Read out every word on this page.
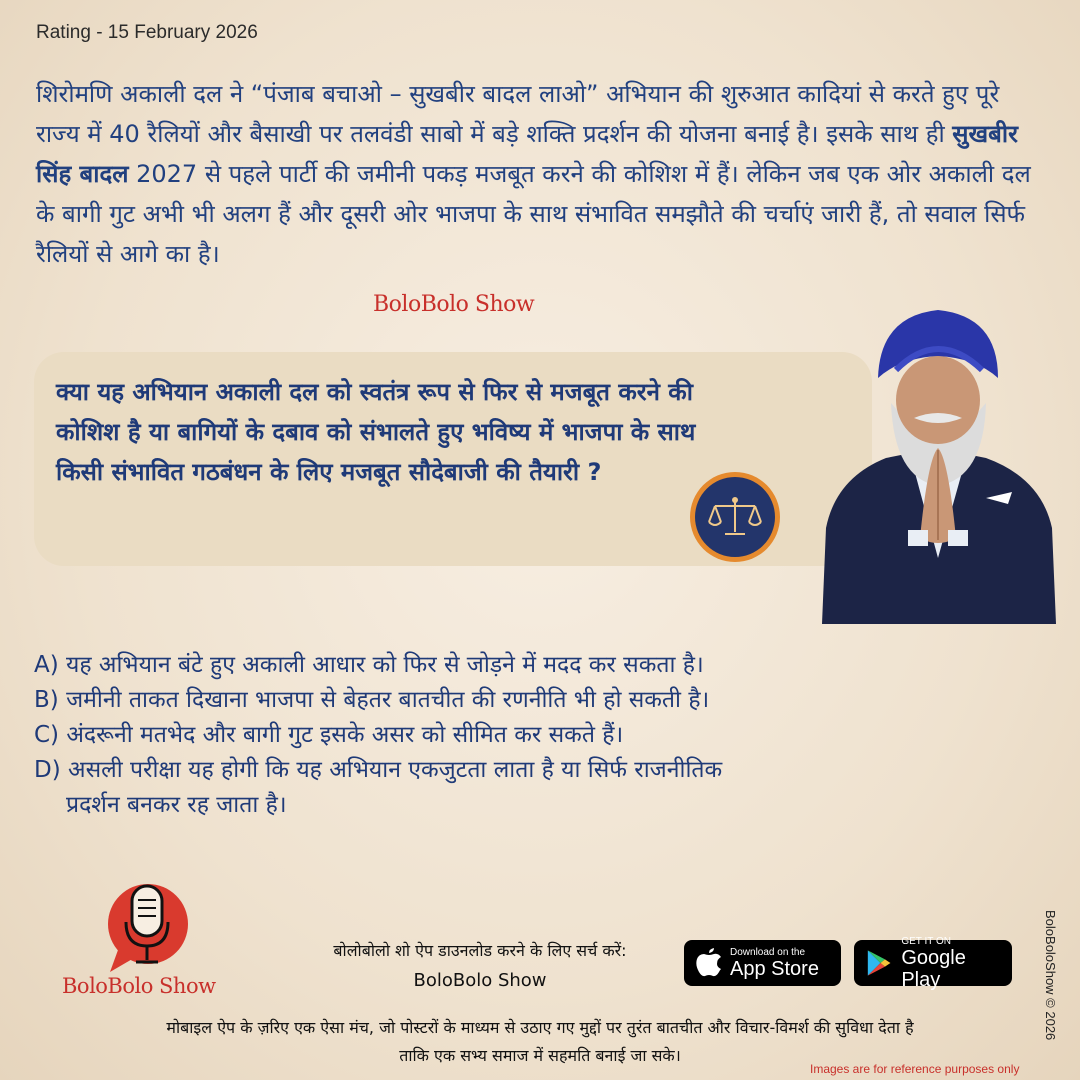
Rating - 15 February 2026
शिरोमणि अकाली दल ने “पंजाब बचाओ – सुखबीर बादल लाओ” अभियान की शुरुआत कादियां से करते हुए पूरे राज्य में 40 रैलियों और बैसाखी पर तलवंडी साबो में बड़े शक्ति प्रदर्शन की योजना बनाई है। इसके साथ ही सुखबीर सिंह बादल 2027 से पहले पार्टी की जमीनी पकड़ मजबूत करने की कोशिश में हैं। लेकिन जब एक ओर अकाली दल के बागी गुट अभी भी अलग हैं और दूसरी ओर भाजपा के साथ संभावित समझौते की चर्चाएं जारी हैं, तो सवाल सिर्फ रैलियों से आगे का है।
BoloBolo Show
क्या यह अभियान अकाली दल को स्वतंत्र रूप से फिर से मजबूत करने की कोशिश है या बागियों के दबाव को संभालते हुए भविष्य में भाजपा के साथ किसी संभावित गठबंधन के लिए मजबूत सौदेबाजी की तैयारी ?
A) यह अभियान बंटे हुए अकाली आधार को फिर से जोड़ने में मदद कर सकता है।
B) जमीनी ताकत दिखाना भाजपा से बेहतर बातचीत की रणनीति भी हो सकती है।
C) अंदरूनी मतभेद और बागी गुट इसके असर को सीमित कर सकते हैं।
D) असली परीक्षा यह होगी कि यह अभियान एकजुटता लाता है या सिर्फ राजनीतिक
प्रदर्शन बनकर रह जाता है।
BoloBolo Show
बोलोबोलो शो ऐप डाउनलोड करने के लिए सर्च करें:
BoloBolo Show
Download on the
App Store
GET IT ON
Google Play
मोबाइल ऐप के ज़रिए एक ऐसा मंच, जो पोस्टरों के माध्यम से उठाए गए मुद्दों पर तुरंत बातचीत और विचार-विमर्श की सुविधा देता है
ताकि एक सभ्य समाज में सहमति बनाई जा सके।
Images are for reference purposes only
BoloBoloShow © 2026
